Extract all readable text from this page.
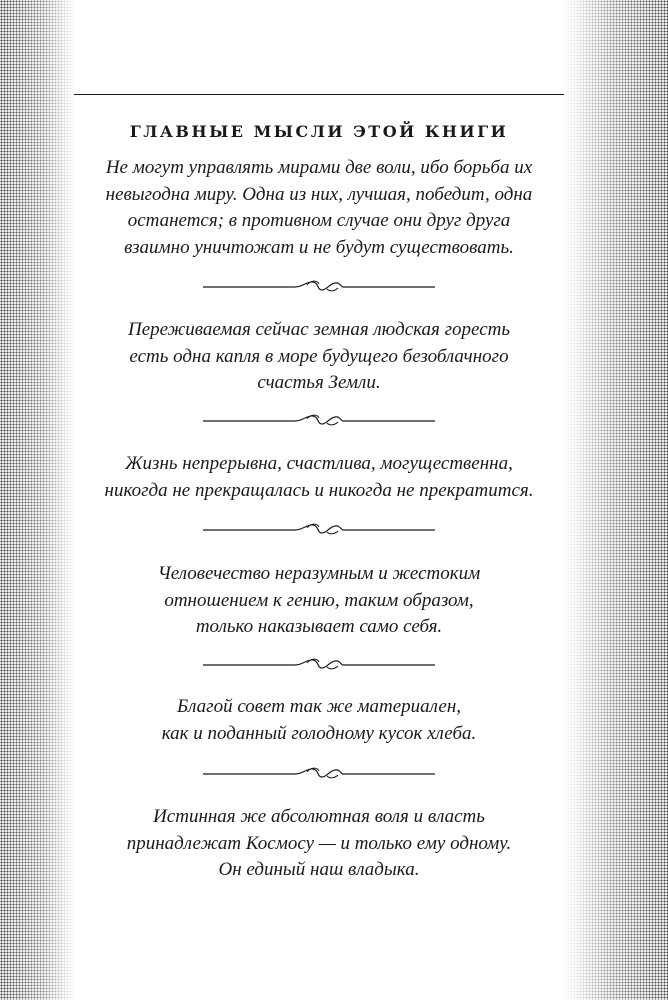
ГЛАВНЫЕ МЫСЛИ ЭТОЙ КНИГИ
Не могут управлять мирами две воли, ибо борьба их
невыгодна миру. Одна из них, лучшая, победит, одна
останется; в противном случае они друг друга
взаимно уничтожат и не будут существовать.
Переживаемая сейчас земная людская горесть
есть одна капля в море будущего безоблачного
счастья Земли.
Жизнь непрерывна, счастлива, могущественна,
никогда не прекращалась и никогда не прекратится.
Человечество неразумным и жестоким
отношением к гению, таким образом,
только наказывает само себя.
Благой совет так же материален,
как и поданный голодному кусок хлеба.
Истинная же абсолютная воля и власть
принадлежат Космосу — и только ему одному.
Он единый наш владыка.
